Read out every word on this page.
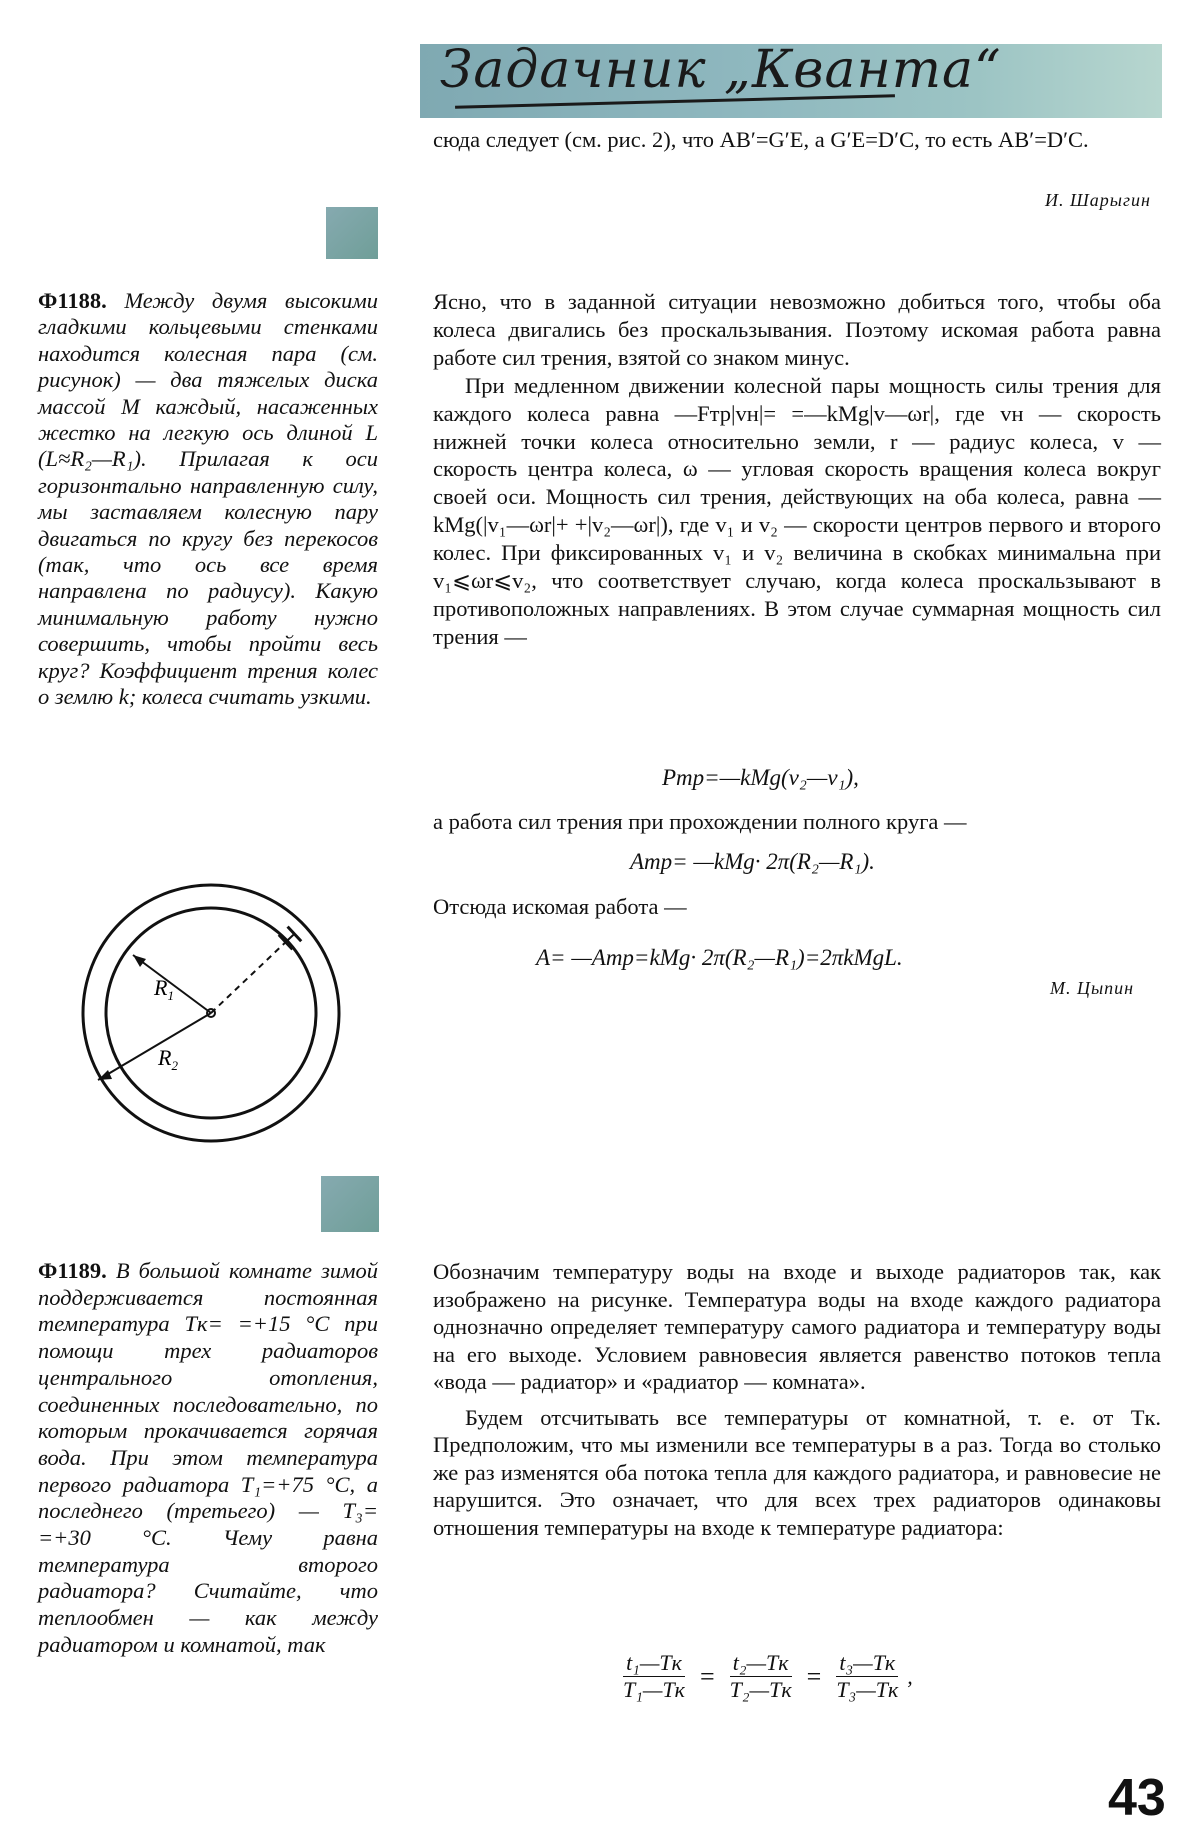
Задачник „Кванта“

сюда следует (см. рис. 2), что AB′=G′E, а G′E=D′C, то есть AB′=D′C.

И. Шарыгин

Ф1188. Между двумя высокими гладкими кольцевыми стенками находится колесная пара (см. рисунок) — два тяжелых диска массой M каждый, насаженных жестко на легкую ось длиной L (L≈R₂—R₁). Прилагая к оси горизонтально направленную силу, мы заставляем колесную пару двигаться по кругу без перекосов (так, что ось все время направлена по радиусу). Какую минимальную работу нужно совершить, чтобы пройти весь круг? Коэффициент трения колес о землю k; колеса считать узкими.

$R_1$
$R_2$

Ясно, что в заданной ситуации невозможно добиться того, чтобы оба колеса двигались без проскальзывания. Поэтому искомая работа равна работе сил трения, взятой со знаком минус.

При медленном движении колесной пары мощность силы трения для каждого колеса равна —Fтр|vн|= =—kMg|v—ωr|, где vн — скорость нижней точки колеса относительно земли, r — радиус колеса, v — скорость центра колеса, ω — угловая скорость вращения колеса вокруг своей оси. Мощность сил трения, действующих на оба колеса, равна —kMg(|v₁—ωr|+ +|v₂—ωr|), где v₁ и v₂ — скорости центров первого и второго колес. При фиксированных v₁ и v₂ величина в скобках минимальна при v₁⩽ωr⩽v₂, что соответствует случаю, когда колеса проскальзывают в противоположных направлениях. В этом случае суммарная мощность сил трения —

Pтр=—kMg(v₂—v₁),

а работа сил трения при прохождении полного круга —

Aтр= —kMg· 2π(R₂—R₁).

Отсюда искомая работа —

A= —Aтр=kMg· 2π(R₂—R₁)=2πkMgL.
М. Цыпин

Ф1189. В большой комнате зимой поддерживается постоянная температура Tк= =+15 °C при помощи трех радиаторов центрального отопления, соединенных последовательно, по которым прокачивается горячая вода. При этом температура первого радиатора T₁=+75 °C, а последнего (третьего) — T₃= =+30 °C. Чему равна температура второго радиатора? Считайте, что теплообмен — как между радиатором и комнатой, так

Обозначим температуру воды на входе и выходе радиаторов так, как изображено на рисунке. Температура воды на входе каждого радиатора однозначно определяет температуру самого радиатора и температуру воды на его выходе. Условием равновесия является равенство потоков тепла «вода — радиатор» и «радиатор — комната».

Будем отсчитывать все температуры от комнатной, т. е. от Tк. Предположим, что мы изменили все температуры в a раз. Тогда во столько же раз изменятся оба потока тепла для каждого радиатора, и равновесие не нарушится. Это означает, что для всех трех радиаторов одинаковы отношения температуры на входе к температуре радиатора:

$\frac{\text{t₁—Tк}}{\text{T₁—Tк}} = \frac{\text{t₂—Tк}}{\text{T₂—Tк}} = \frac{\text{t₃—Tк}}{\text{T₃—Tк}}$ ,
43
